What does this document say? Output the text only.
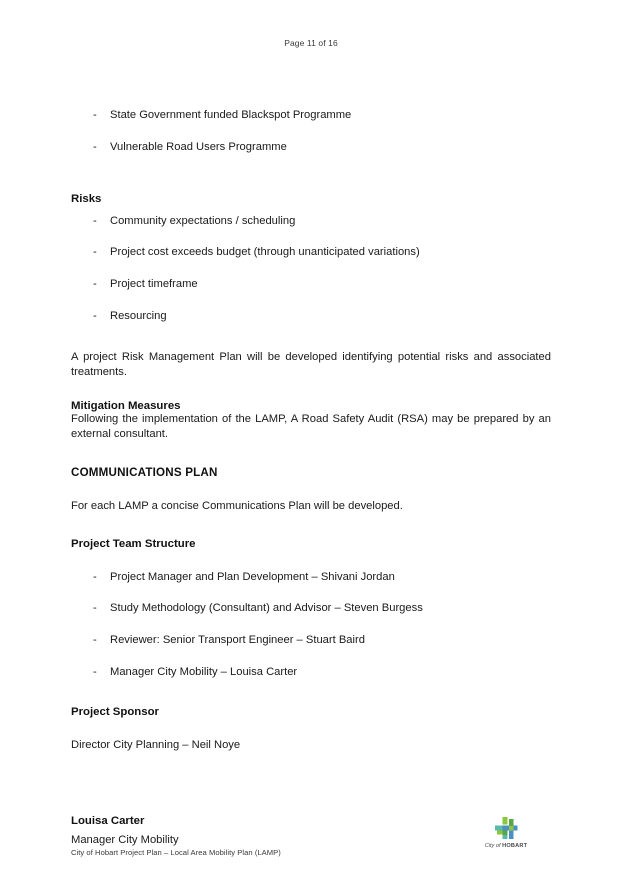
Page 11 of 16
- State Government funded Blackspot Programme
- Vulnerable Road Users Programme

Risks

- Community expectations / scheduling
- Project cost exceeds budget (through unanticipated variations)
- Project timeframe
- Resourcing

A project Risk Management Plan will be developed identifying potential risks and associated treatments.

Mitigation Measures

Following the implementation of the LAMP, A Road Safety Audit (RSA) may be prepared by an external consultant.

COMMUNICATIONS PLAN

For each LAMP a concise Communications Plan will be developed.

Project Team Structure

- Project Manager and Plan Development – Shivani Jordan
- Study Methodology (Consultant) and Advisor – Steven Burgess
- Reviewer: Senior Transport Engineer – Stuart Baird
- Manager City Mobility – Louisa Carter

Project Sponsor

Director City Planning – Neil Noye

Louisa Carter

Manager City Mobility

City of Hobart Project Plan – Local Area Mobility Plan (LAMP)
City of HOBART
